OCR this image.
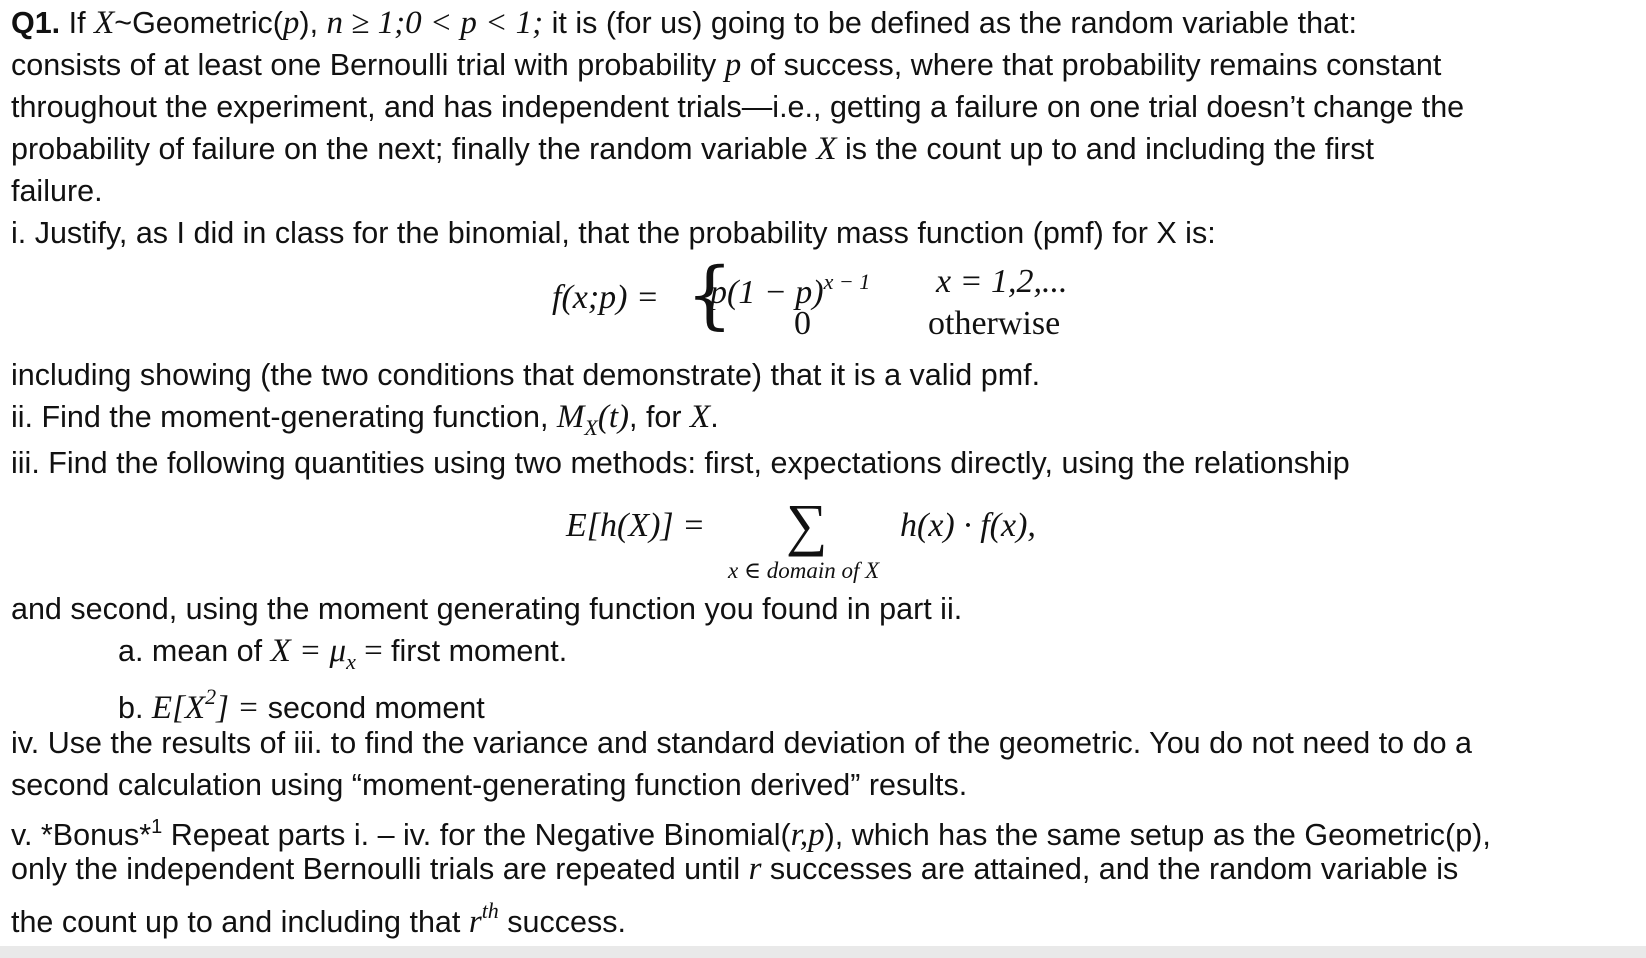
Q1. If X~Geometric(p), n ≥ 1;0 < p < 1; it is (for us) going to be defined as the random variable that:
consists of at least one Bernoulli trial with probability p of success, where that probability remains constant
throughout the experiment, and has independent trials—i.e., getting a failure on one trial doesn’t change the
probability of failure on the next; finally the random variable X is the count up to and including the first
failure.
i. Justify, as I did in class for the binomial, that the probability mass function (pmf) for X is:
f(x;p) = {
$p(1 - p)^{x - 1}$
0
x = 1,2,...
otherwise
including showing (the two conditions that demonstrate) that it is a valid pmf.
ii. Find the moment-generating function, $M_X(t)$, for X.
iii. Find the following quantities using two methods: first, expectations directly, using the relationship
E[h(X)] = ∑ h(x) · f(x),
x ∈ domain of X
and second, using the moment generating function you found in part ii.
a. mean of $X = \mu_x$ = first moment.
b. $E[X^2]$ = second moment
iv. Use the results of iii. to find the variance and standard deviation of the geometric. You do not need to do a
second calculation using “moment-generating function derived” results.
v. *Bonus*$^1$ Repeat parts i. – iv. for the Negative Binomial(r,p), which has the same setup as the Geometric(p),
only the independent Bernoulli trials are repeated until r successes are attained, and the random variable is
the count up to and including that $r^{th}$ success.
